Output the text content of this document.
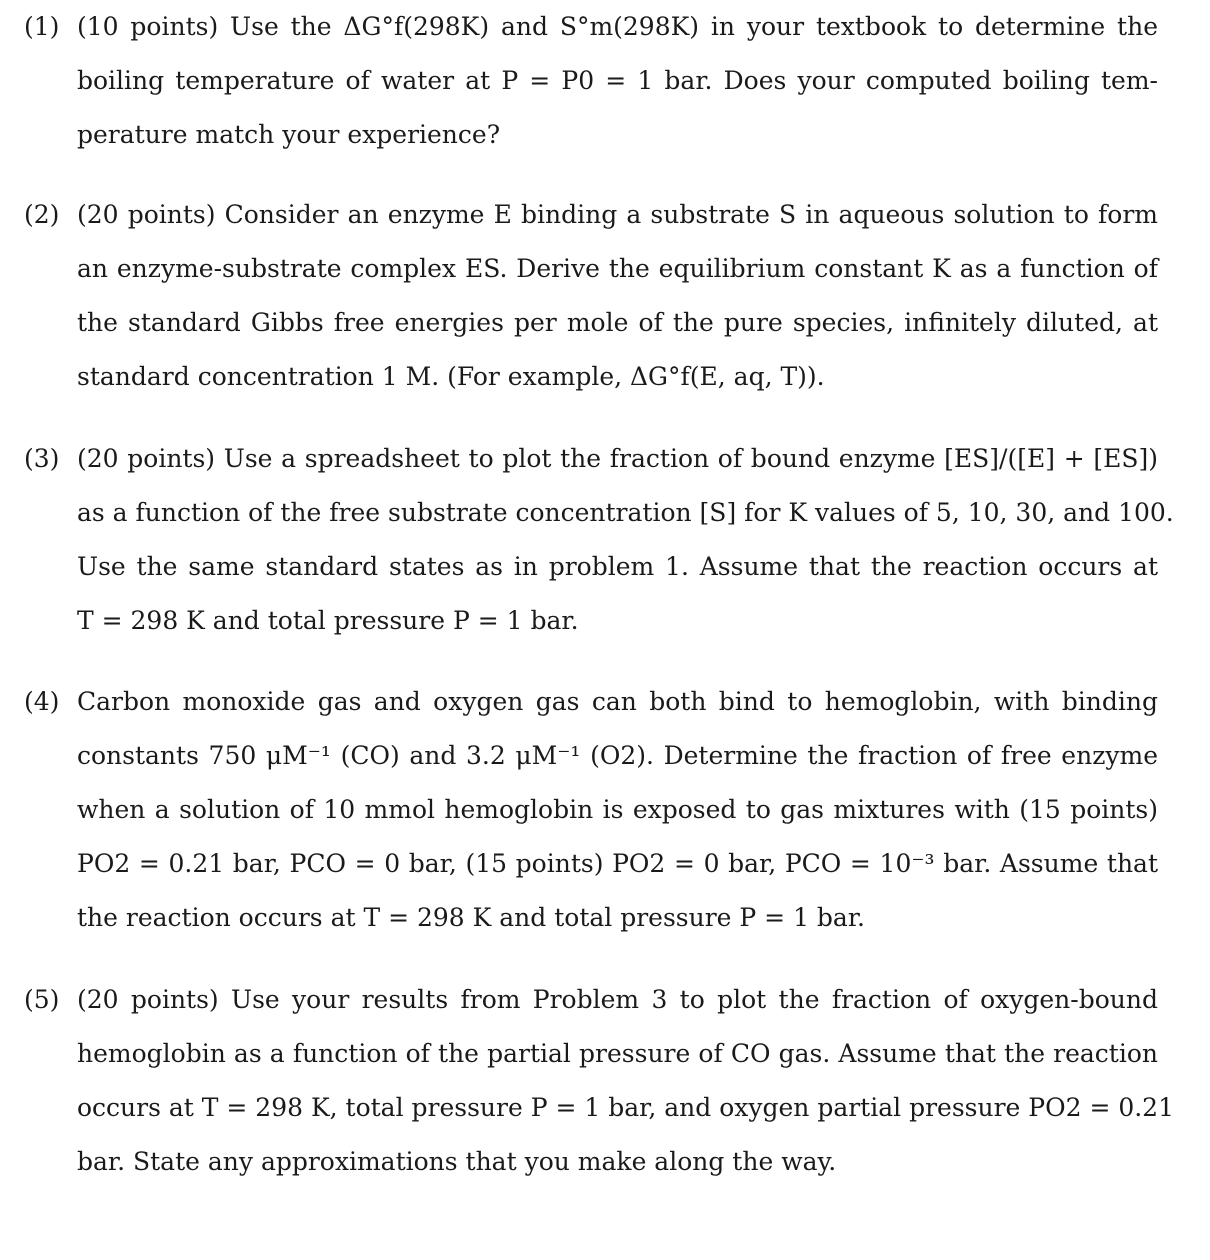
(1) (10 points) Use the ΔG°f(298K) and S°m(298K) in your textbook to determine the
boiling temperature of water at P = P0 = 1 bar. Does your computed boiling tem-
perature match your experience?
(2) (20 points) Consider an enzyme E binding a substrate S in aqueous solution to form
an enzyme-substrate complex ES. Derive the equilibrium constant K as a function of
the standard Gibbs free energies per mole of the pure species, infinitely diluted, at
standard concentration 1 M. (For example, ΔG°f(E, aq, T)).
(3) (20 points) Use a spreadsheet to plot the fraction of bound enzyme [ES]/([E] + [ES])
as a function of the free substrate concentration [S] for K values of 5, 10, 30, and 100.
Use the same standard states as in problem 1. Assume that the reaction occurs at
T = 298 K and total pressure P = 1 bar.
(4) Carbon monoxide gas and oxygen gas can both bind to hemoglobin, with binding
constants 750 μM⁻¹ (CO) and 3.2 μM⁻¹ (O2). Determine the fraction of free enzyme
when a solution of 10 mmol hemoglobin is exposed to gas mixtures with (15 points)
PO2 = 0.21 bar, PCO = 0 bar, (15 points) PO2 = 0 bar, PCO = 10⁻³ bar. Assume that
the reaction occurs at T = 298 K and total pressure P = 1 bar.
(5) (20 points) Use your results from Problem 3 to plot the fraction of oxygen-bound
hemoglobin as a function of the partial pressure of CO gas. Assume that the reaction
occurs at T = 298 K, total pressure P = 1 bar, and oxygen partial pressure PO2 = 0.21
bar. State any approximations that you make along the way.
